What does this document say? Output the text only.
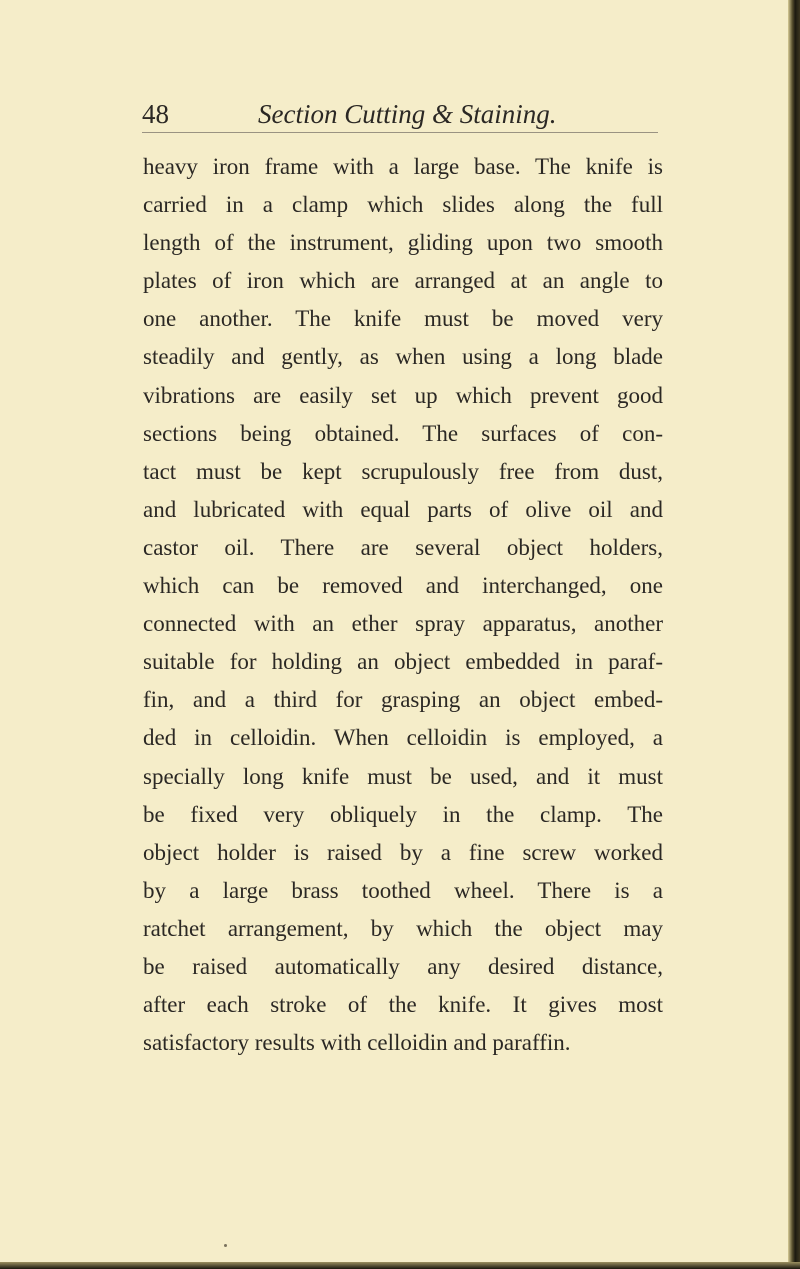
48	Section Cutting & Staining.
heavy iron frame with a large base. The knife is
carried in a clamp which slides along the full
length of the instrument, gliding upon two smooth
plates of iron which are arranged at an angle to
one another. The knife must be moved very
steadily and gently, as when using a long blade
vibrations are easily set up which prevent good
sections being obtained. The surfaces of con-
tact must be kept scrupulously free from dust,
and lubricated with equal parts of olive oil and
castor oil. There are several object holders,
which can be removed and interchanged, one
connected with an ether spray apparatus, another
suitable for holding an object embedded in paraf-
fin, and a third for grasping an object embed-
ded in celloidin. When celloidin is employed, a
specially long knife must be used, and it must
be fixed very obliquely in the clamp. The
object holder is raised by a fine screw worked
by a large brass toothed wheel. There is a
ratchet arrangement, by which the object may
be raised automatically any desired distance,
after each stroke of the knife. It gives most
satisfactory results with celloidin and paraffin.
